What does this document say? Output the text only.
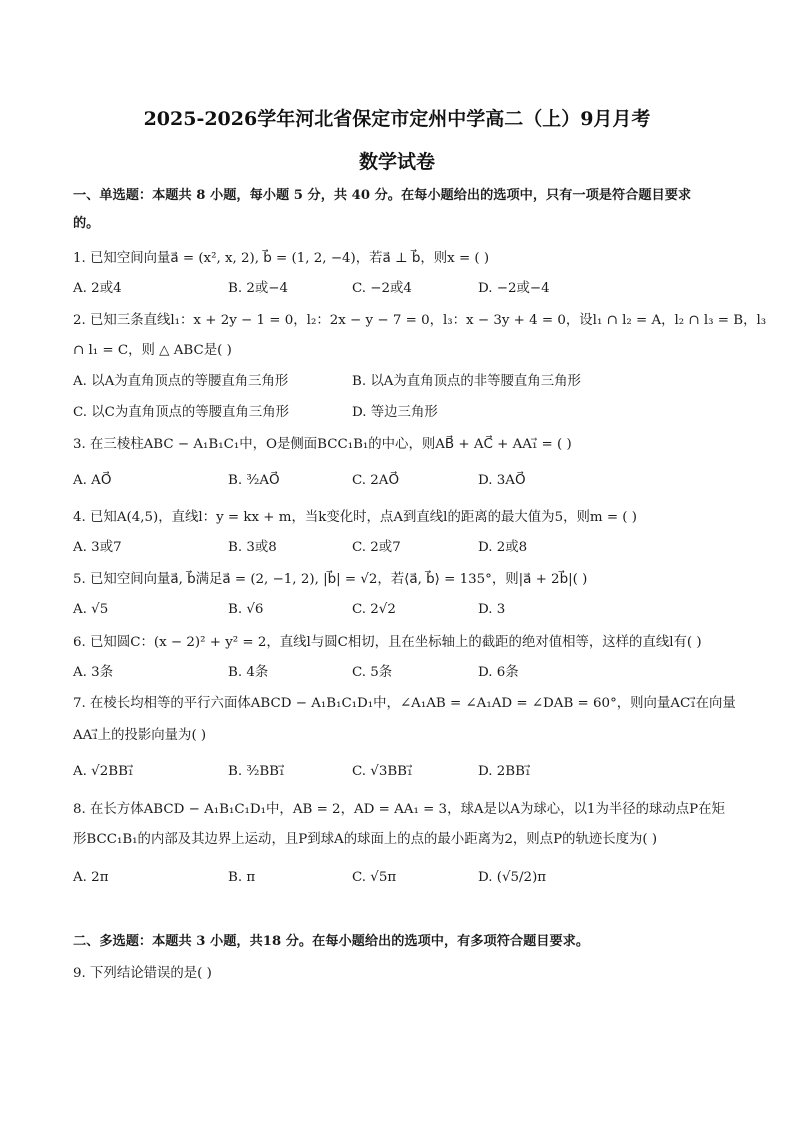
2025-2026学年河北省保定市定州中学高二（上）9月月考
数学试卷
一、单选题：本题共 8 小题，每小题 5 分，共 40 分。在每小题给出的选项中，只有一项是符合题目要求
的。
1. 已知空间向量a⃗ = (x², x, 2), b⃗ = (1, 2, −4)，若a⃗ ⊥ b⃗，则x = ( )
A. 2或4	B. 2或−4	C. −2或4	D. −2或−4
2. 已知三条直线l₁：x + 2y − 1 = 0，l₂：2x − y − 7 = 0，l₃：x − 3y + 4 = 0，设l₁ ∩ l₂ = A，l₂ ∩ l₃ = B，l₃
∩ l₁ = C，则 △ ABC是( )
A. 以A为直角顶点的等腰直角三角形	B. 以A为直角顶点的非等腰直角三角形
C. 以C为直角顶点的等腰直角三角形	D. 等边三角形
3. 在三棱柱ABC − A₁B₁C₁中，O是侧面BCC₁B₁的中心，则AB⃗ + AC⃗ + AA₁⃗ = ( )
A. AO⃗	B. ³⁄₂AO⃗	C. 2AO⃗	D. 3AO⃗
4. 已知A(4,5)，直线l：y = kx + m，当k变化时，点A到直线l的距离的最大值为5，则m = ( )
A. 3或7	B. 3或8	C. 2或7	D. 2或8
5. 已知空间向量a⃗, b⃗满足a⃗ = (2, −1, 2), |b⃗| = √2，若⟨a⃗, b⃗⟩ = 135°，则|a⃗ + 2b⃗|( )
A. √5	B. √6	C. 2√2	D. 3
6. 已知圆C：(x − 2)² + y² = 2，直线l与圆C相切，且在坐标轴上的截距的绝对值相等，这样的直线l有( )
A. 3条	B. 4条	C. 5条	D. 6条
7. 在棱长均相等的平行六面体ABCD − A₁B₁C₁D₁中，∠A₁AB = ∠A₁AD = ∠DAB = 60°，则向量AC₁⃗在向量
AA₁⃗上的投影向量为( )
A. √2BB₁⃗	B. ³⁄₂BB₁⃗	C. √3BB₁⃗	D. 2BB₁⃗
8. 在长方体ABCD − A₁B₁C₁D₁中，AB = 2，AD = AA₁ = 3，球A是以A为球心，以1为半径的球动点P在矩
形BCC₁B₁的内部及其边界上运动，且P到球A的球面上的点的最小距离为2，则点P的轨迹长度为( )
A. 2π	B. π	C. √5π	D. (√5/2)π
二、多选题：本题共 3 小题，共18 分。在每小题给出的选项中，有多项符合题目要求。
9. 下列结论错误的是( )
